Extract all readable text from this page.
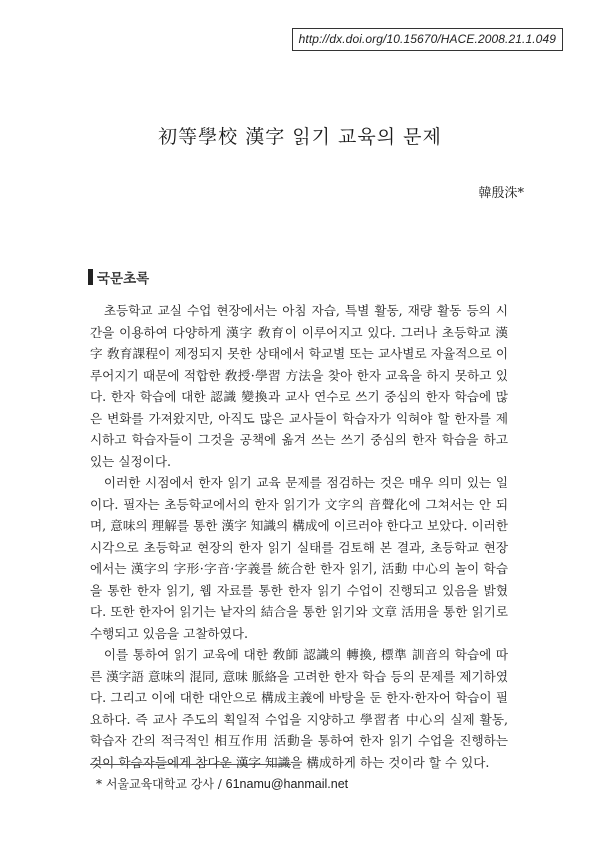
http://dx.doi.org/10.15670/HACE.2008.21.1.049
初等學校 漢字 읽기 교육의 문제
韓殷洙*
국문초록

초등학교 교실 수업 현장에서는 아침 자습, 특별 활동, 재량 활동 등의 시간을 이용하여 다양하게 漢字 敎育이 이루어지고 있다. 그러나 초등학교 漢字 敎育課程이 제정되지 못한 상태에서 학교별 또는 교사별로 자율적으로 이루어지기 때문에 적합한 敎授·學習 方法을 찾아 한자 교육을 하지 못하고 있다. 한자 학습에 대한 認識 變換과 교사 연수로 쓰기 중심의 한자 학습에 많은 변화를 가져왔지만, 아직도 많은 교사들이 학습자가 익혀야 할 한자를 제시하고 학습자들이 그것을 공책에 옮겨 쓰는 쓰기 중심의 한자 학습을 하고 있는 실정이다.

이러한 시점에서 한자 읽기 교육 문제를 점검하는 것은 매우 의미 있는 일이다. 필자는 초등학교에서의 한자 읽기가 文字의 音聲化에 그쳐서는 안 되며, 意味의 理解를 통한 漢字 知識의 構成에 이르러야 한다고 보았다. 이러한 시각으로 초등학교 현장의 한자 읽기 실태를 검토해 본 결과, 초등학교 현장에서는 漢字의 字形·字音·字義를 統合한 한자 읽기, 活動 中心의 놀이 학습을 통한 한자 읽기, 웹 자료를 통한 한자 읽기 수업이 진행되고 있음을 밝혔다. 또한 한자어 읽기는 낱자의 結合을 통한 읽기와 文章 活用을 통한 읽기로 수행되고 있음을 고찰하였다.

이를 통하여 읽기 교육에 대한 敎師 認識의 轉換, 標準 訓音의 학습에 따른 漢字語 意味의 混同, 意味 脈絡을 고려한 한자 학습 등의 문제를 제기하였다. 그리고 이에 대한 대안으로 構成主義에 바탕을 둔 한자·한자어 학습이 필요하다. 즉 교사 주도의 획일적 수업을 지양하고 學習者 中心의 실제 활동, 학습자 간의 적극적인 相互作用 活動을 통하여 한자 읽기 수업을 진행하는 것이 학습자들에게 참다운 漢字 知識을 構成하게 하는 것이라 할 수 있다.

* 서울교육대학교 강사 / 61namu@hanmail.net
